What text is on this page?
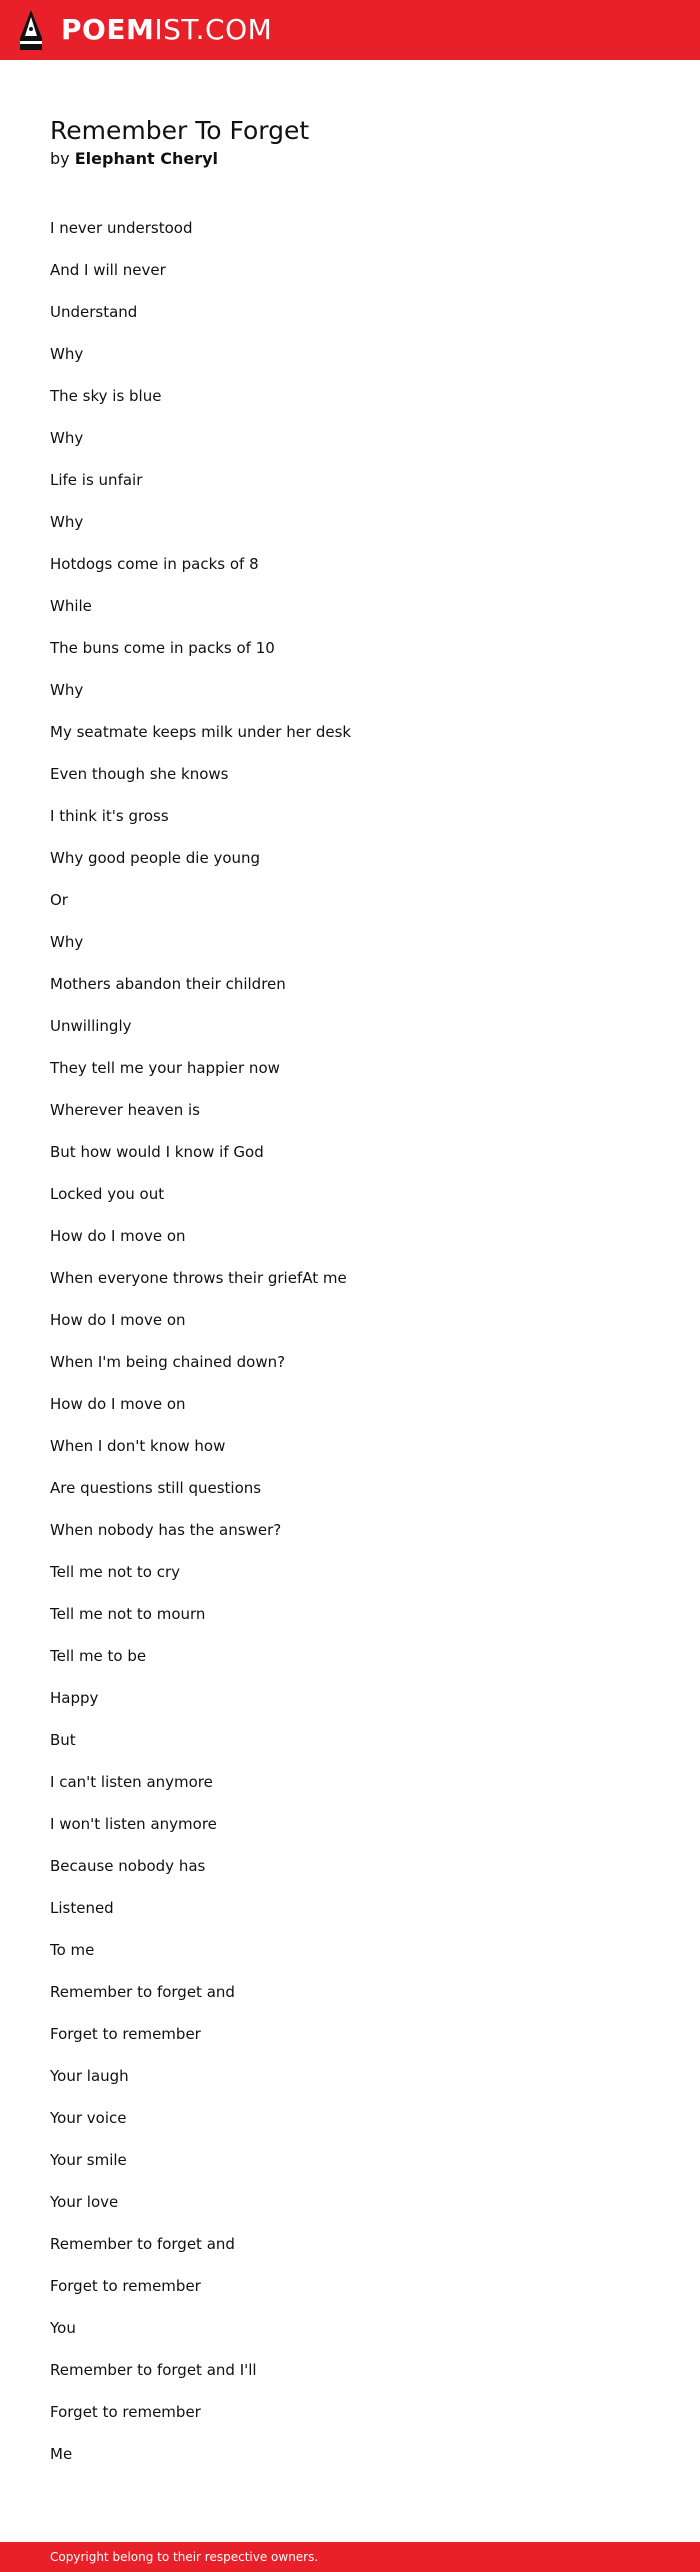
POEMIST.COM
Remember To Forget
by Elephant Cheryl
I never understood
And I will never
Understand
Why
The sky is blue
Why
Life is unfair
Why
Hotdogs come in packs of 8
While
The buns come in packs of 10
Why
My seatmate keeps milk under her desk
Even though she knows
I think it's gross
Why good people die young
Or
Why
Mothers abandon their children
Unwillingly
They tell me your happier now
Wherever heaven is
But how would I know if God
Locked you out
How do I move on
When everyone throws their griefAt me
How do I move on
When I'm being chained down?
How do I move on
When I don't know how
Are questions still questions
When nobody has the answer?
Tell me not to cry
Tell me not to mourn
Tell me to be
Happy
But
I can't listen anymore
I won't listen anymore
Because nobody has
Listened
To me
Remember to forget and
Forget to remember
Your laugh
Your voice
Your smile
Your love
Remember to forget and
Forget to remember
You
Remember to forget and I'll
Forget to remember
Me
Copyright belong to their respective owners.
